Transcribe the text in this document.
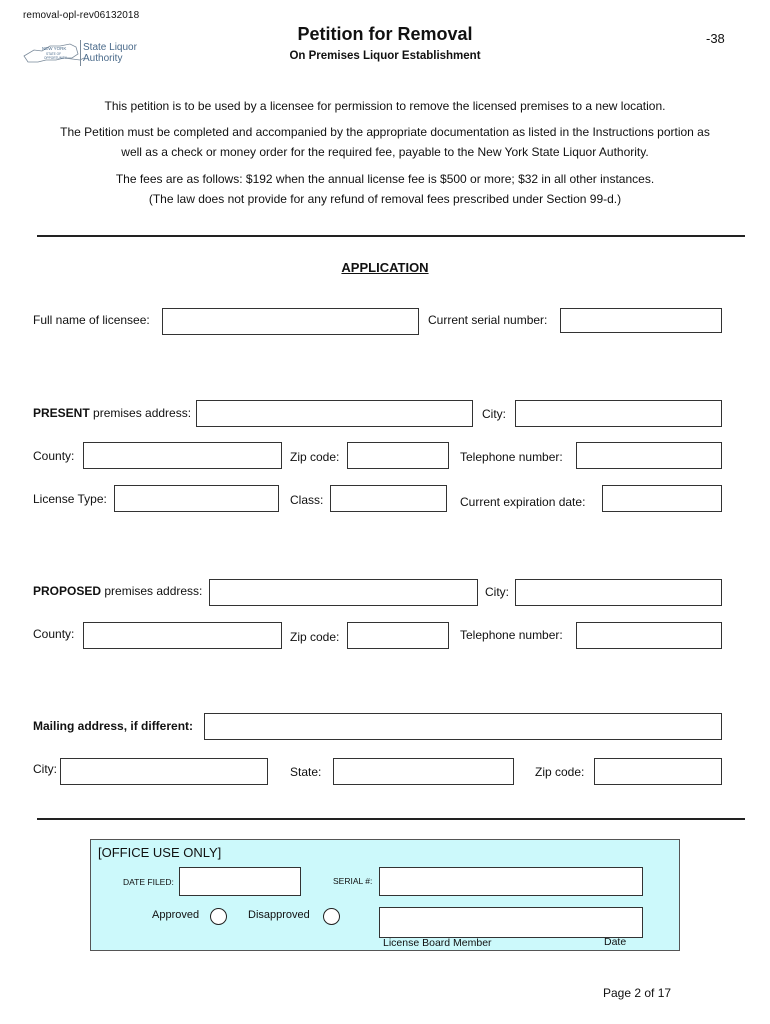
removal-opl-rev06132018
NEW YORK
STATE OF
OPPORTUNITY
State Liquor
Authority
Petition for Removal
On Premises Liquor Establishment
-38
This petition is to be used by a licensee for permission to remove the licensed premises to a new location.
The Petition must be completed and accompanied by the appropriate documentation as listed in the Instructions portion as
well as a check or money order for the required fee, payable to the New York State Liquor Authority.
The fees are as follows: $192 when the annual license fee is $500 or more; $32 in all other instances.
(The law does not provide for any refund of removal fees prescribed under Section 99-d.)
APPLICATION
Full name of licensee:	Current serial number:
PRESENT premises address:	City:
County:	Zip code:	Telephone number:
License Type:	Class:	Current expiration date:
PROPOSED premises address:	City:
County:	Zip code:	Telephone number:
Mailing address, if different:
City:	State:	Zip code:
[OFFICE USE ONLY]
DATE FILED:	SERIAL #:
Approved	Disapproved
License Board Member	Date
Page 2 of 17
